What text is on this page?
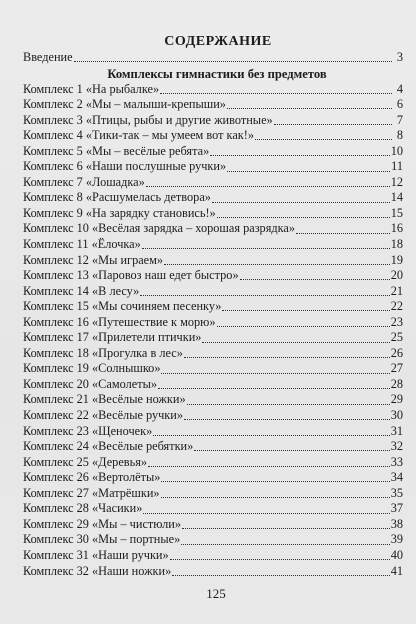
СОДЕРЖАНИЕ
Введение	3
Комплексы гимнастики без предметов
Комплекс 1 «На рыбалке»	4
Комплекс 2 «Мы – малыши-крепыши»	6
Комплекс 3 «Птицы, рыбы и другие животные»	7
Комплекс 4 «Тики-так – мы умеем вот как!»	8
Комплекс 5 «Мы – весёлые ребята»	10
Комплекс 6 «Наши послушные ручки»	11
Комплекс 7 «Лошадка»	12
Комплекс 8 «Расшумелась детвора»	14
Комплекс 9 «На зарядку становись!»	15
Комплекс 10 «Весёлая зарядка – хорошая разрядка»	16
Комплекс 11 «Ёлочка»	18
Комплекс 12 «Мы играем»	19
Комплекс 13 «Паровоз наш едет быстро»	20
Комплекс 14 «В лесу»	21
Комплекс 15 «Мы сочиняем песенку»	22
Комплекс 16 «Путешествие к морю»	23
Комплекс 17 «Прилетели птички»	25
Комплекс 18 «Прогулка в лес»	26
Комплекс 19 «Солнышко»	27
Комплекс 20 «Самолеты»	28
Комплекс 21 «Весёлые ножки»	29
Комплекс 22 «Весёлые ручки»	30
Комплекс 23 «Щеночек»	31
Комплекс 24 «Весёлые ребятки»	32
Комплекс 25 «Деревья»	33
Комплекс 26 «Вертолёты»	34
Комплекс 27 «Матрёшки»	35
Комплекс 28 «Часики»	37
Комплекс 29 «Мы – чистюли»	38
Комплекс 30 «Мы – портные»	39
Комплекс 31 «Наши ручки»	40
Комплекс 32 «Наши ножки»	41
125
